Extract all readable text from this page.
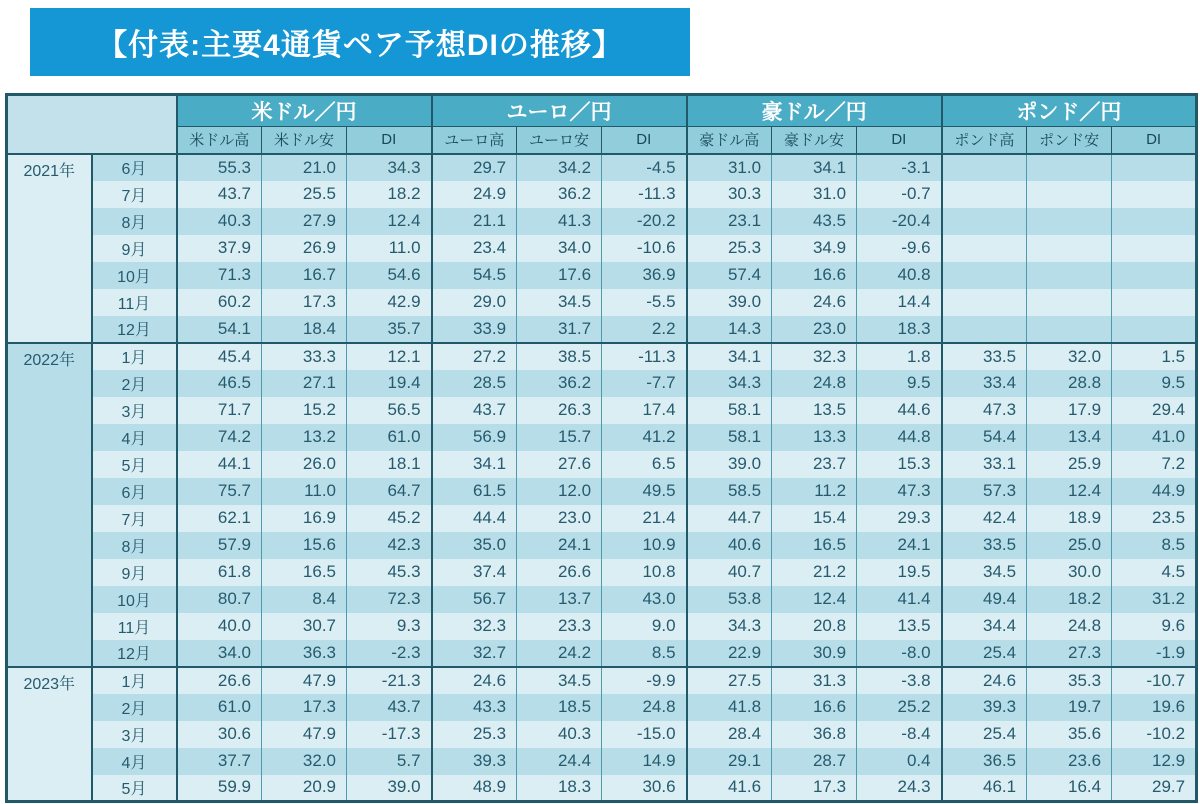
【付表:主要4通貨ペア予想DIの推移】
		米ドル／円			ユーロ／円			豪ドル／円			ポンド／円		
		米ドル高	米ドル安	DI	ユーロ高	ユーロ安	DI	豪ドル高	豪ドル安	DI	ポンド高	ポンド安	DI
2021年	6月	55.3	21.0	34.3	29.7	34.2	-4.5	31.0	34.1	-3.1			
	7月	43.7	25.5	18.2	24.9	36.2	-11.3	30.3	31.0	-0.7			
	8月	40.3	27.9	12.4	21.1	41.3	-20.2	23.1	43.5	-20.4			
	9月	37.9	26.9	11.0	23.4	34.0	-10.6	25.3	34.9	-9.6			
	10月	71.3	16.7	54.6	54.5	17.6	36.9	57.4	16.6	40.8			
	11月	60.2	17.3	42.9	29.0	34.5	-5.5	39.0	24.6	14.4			
	12月	54.1	18.4	35.7	33.9	31.7	2.2	14.3	23.0	18.3			
2022年	1月	45.4	33.3	12.1	27.2	38.5	-11.3	34.1	32.3	1.8	33.5	32.0	1.5
	2月	46.5	27.1	19.4	28.5	36.2	-7.7	34.3	24.8	9.5	33.4	28.8	9.5
	3月	71.7	15.2	56.5	43.7	26.3	17.4	58.1	13.5	44.6	47.3	17.9	29.4
	4月	74.2	13.2	61.0	56.9	15.7	41.2	58.1	13.3	44.8	54.4	13.4	41.0
	5月	44.1	26.0	18.1	34.1	27.6	6.5	39.0	23.7	15.3	33.1	25.9	7.2
	6月	75.7	11.0	64.7	61.5	12.0	49.5	58.5	11.2	47.3	57.3	12.4	44.9
	7月	62.1	16.9	45.2	44.4	23.0	21.4	44.7	15.4	29.3	42.4	18.9	23.5
	8月	57.9	15.6	42.3	35.0	24.1	10.9	40.6	16.5	24.1	33.5	25.0	8.5
	9月	61.8	16.5	45.3	37.4	26.6	10.8	40.7	21.2	19.5	34.5	30.0	4.5
	10月	80.7	8.4	72.3	56.7	13.7	43.0	53.8	12.4	41.4	49.4	18.2	31.2
	11月	40.0	30.7	9.3	32.3	23.3	9.0	34.3	20.8	13.5	34.4	24.8	9.6
	12月	34.0	36.3	-2.3	32.7	24.2	8.5	22.9	30.9	-8.0	25.4	27.3	-1.9
2023年	1月	26.6	47.9	-21.3	24.6	34.5	-9.9	27.5	31.3	-3.8	24.6	35.3	-10.7
	2月	61.0	17.3	43.7	43.3	18.5	24.8	41.8	16.6	25.2	39.3	19.7	19.6
	3月	30.6	47.9	-17.3	25.3	40.3	-15.0	28.4	36.8	-8.4	25.4	35.6	-10.2
	4月	37.7	32.0	5.7	39.3	24.4	14.9	29.1	28.7	0.4	36.5	23.6	12.9
	5月	59.9	20.9	39.0	48.9	18.3	30.6	41.6	17.3	24.3	46.1	16.4	29.7
